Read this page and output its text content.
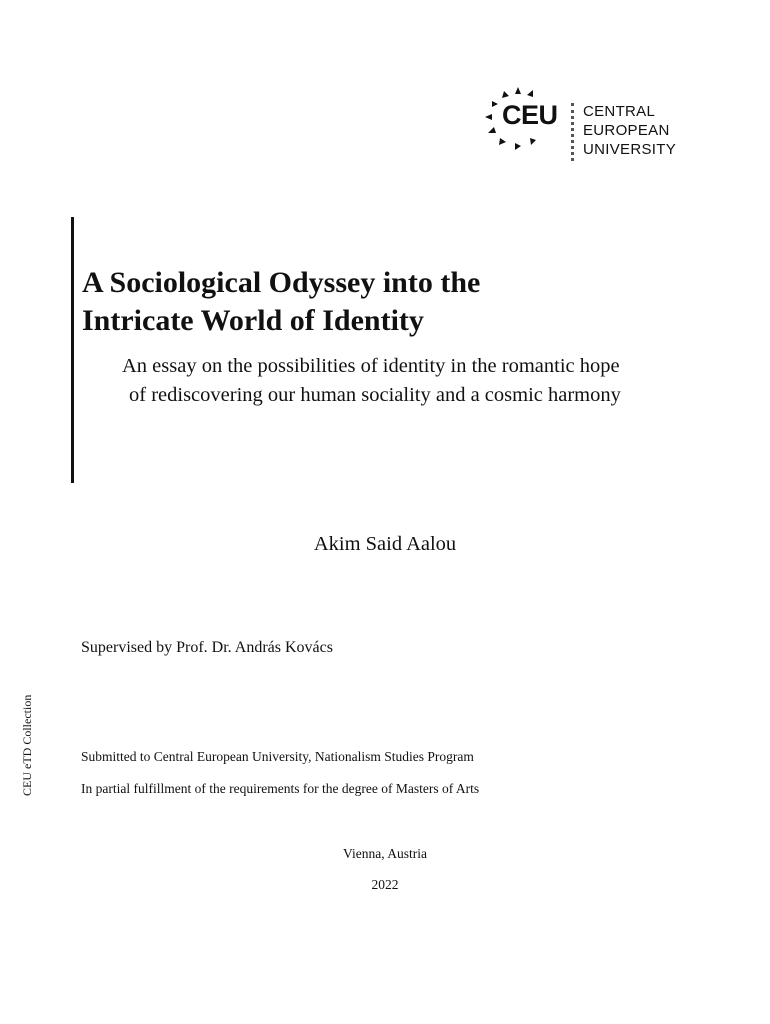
CEU CENTRAL
EUROPEAN
UNIVERSITY
A Sociological Odyssey into the
Intricate World of Identity
An essay on the possibilities of identity in the romantic hope
of rediscovering our human sociality and a cosmic harmony
Akim Said Aalou
Supervised by Prof. Dr. András Kovács
CEU eTD Collection	Submitted to Central European University, Nationalism Studies Program
In partial fulfillment of the requirements for the degree of Masters of Arts
Vienna, Austria
2022
